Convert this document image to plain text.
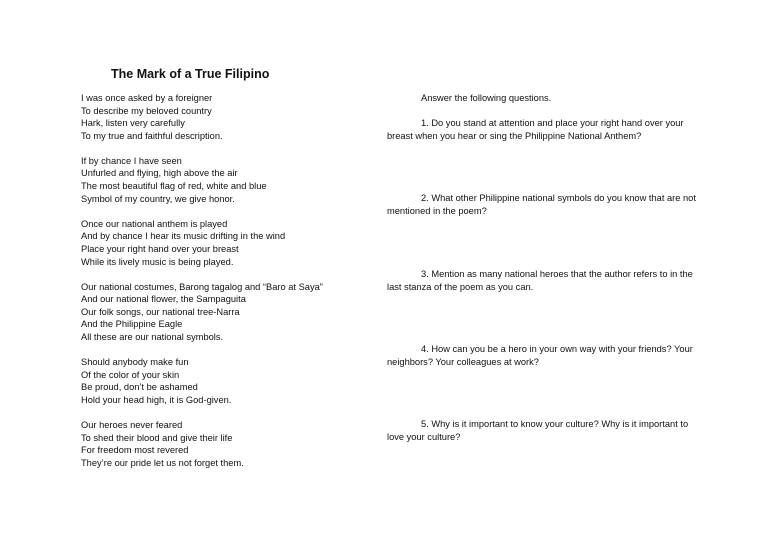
The Mark of a True Filipino
I was once asked by a foreigner
To describe my beloved country
Hark, listen very carefully
To my true and faithful description.
If by chance I have seen
Unfurled and flying, high above the air
The most beautiful flag of red, white and blue
Symbol of my country, we give honor.
Once our national anthem is played
And by chance I hear its music drifting in the wind
Place your right hand over your breast
While its lively music is being played.
Our national costumes, Barong tagalog and “Baro at Saya”
And our national flower, the Sampaguita
Our folk songs, our national tree-Narra
And the Philippine Eagle
All these are our national symbols.
Should anybody make fun
Of the color of your skin
Be proud, don’t be ashamed
Hold your head high, it is God-given.
Our heroes never feared
To shed their blood and give their life
For freedom most revered
They’re our pride let us not forget them.
Answer the following questions.
1. Do you stand at attention and place your right hand over your breast when you hear or sing the Philippine National Anthem?
2. What other Philippine national symbols do you know that are not mentioned in the poem?
3. Mention as many national heroes that the author refers to in the last stanza of the poem as you can.
4. How can you be a hero in your own way with your friends? Your neighbors? Your colleagues at work?
5. Why is it important to know your culture? Why is it important to love your culture?
